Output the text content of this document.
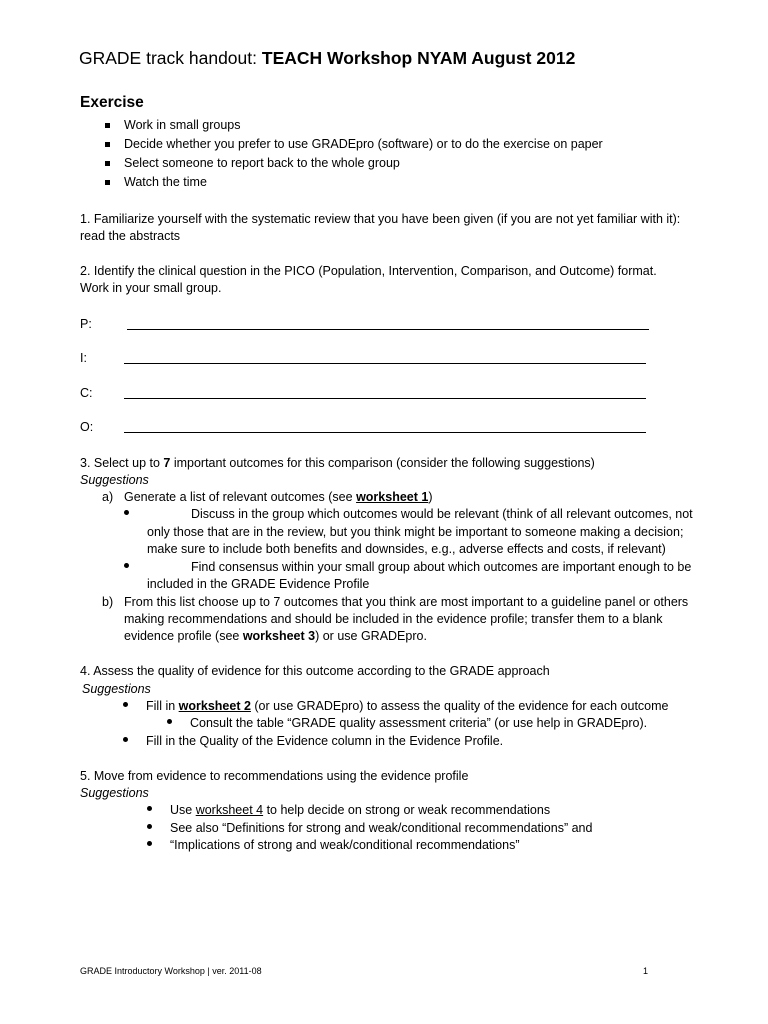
GRADE track handout: TEACH Workshop NYAM August 2012
Exercise
Work in small groups
Decide whether you prefer to use GRADEpro (software) or to do the exercise on paper
Select someone to report back to the whole group
Watch the time
1. Familiarize yourself with the systematic review that you have been given (if you are not yet familiar with it):
read the abstracts
2. Identify the clinical question in the PICO (Population, Intervention, Comparison, and Outcome) format.
Work in your small group.
P:
I:
C:
O:
3. Select up to 7 important outcomes for this comparison (consider the following suggestions)
Suggestions
a) Generate a list of relevant outcomes (see worksheet 1)
Discuss in the group which outcomes would be relevant (think of all relevant outcomes, not
only those that are in the review, but you think might be important to someone making a decision;
make sure to include both benefits and downsides, e.g., adverse effects and costs, if relevant)
Find consensus within your small group about which outcomes are important enough to be
included in the GRADE Evidence Profile
b) From this list choose up to 7 outcomes that you think are most important to a guideline panel or others
making recommendations and should be included in the evidence profile; transfer them to a blank
evidence profile (see worksheet 3) or use GRADEpro.
4. Assess the quality of evidence for this outcome according to the GRADE approach
Suggestions
Fill in worksheet 2 (or use GRADEpro) to assess the quality of the evidence for each outcome
Consult the table “GRADE quality assessment criteria” (or use help in GRADEpro).
Fill in the Quality of the Evidence column in the Evidence Profile.
5. Move from evidence to recommendations using the evidence profile
Suggestions
Use worksheet 4 to help decide on strong or weak recommendations
See also “Definitions for strong and weak/conditional recommendations” and
“Implications of strong and weak/conditional recommendations”
GRADE Introductory Workshop | ver. 2011-08	1
